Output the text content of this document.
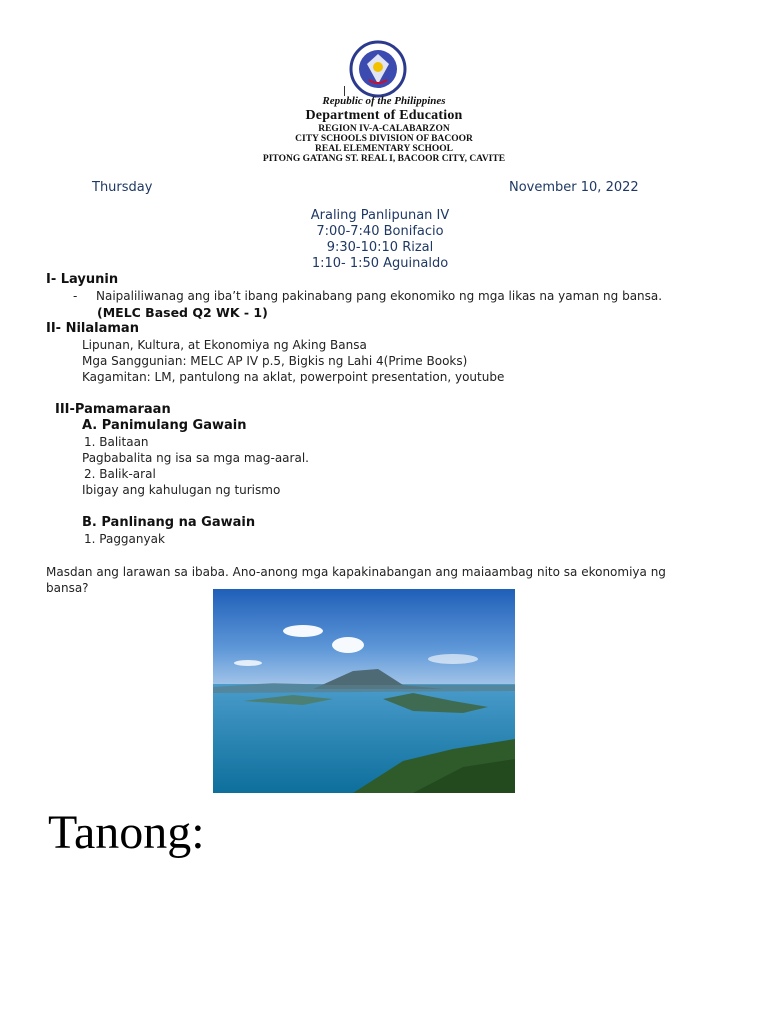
Republic of the Philippines
Department of Education
REGION IV-A-CALABARZON
CITY SCHOOLS DIVISION OF BACOOR
REAL ELEMENTARY SCHOOL
PITONG GATANG ST. REAL I, BACOOR CITY, CAVITE
Thursday	November 10, 2022
Araling Panlipunan IV
7:00-7:40 Bonifacio
9:30-10:10 Rizal
1:10- 1:50 Aguinaldo
I- Layunin
- Naipaliliwanag ang iba’t ibang pakinabang pang ekonomiko ng mga likas na yaman ng bansa.
(MELC Based Q2 WK - 1)
II- Nilalaman
Lipunan, Kultura, at Ekonomiya ng Aking Bansa
Mga Sanggunian: MELC AP IV p.5, Bigkis ng Lahi 4(Prime Books)
Kagamitan: LM, pantulong na aklat, powerpoint presentation, youtube
III-Pamamaraan
A. Panimulang Gawain
1. Balitaan
Pagbabalita ng isa sa mga mag-aaral.
2. Balik-aral
Ibigay ang kahulugan ng turismo
B. Panlinang na Gawain
1. Pagganyak
Masdan ang larawan sa ibaba. Ano-anong mga kapakinabangan ang maiaambag nito sa ekonomiya ng
bansa?
Tanong:
